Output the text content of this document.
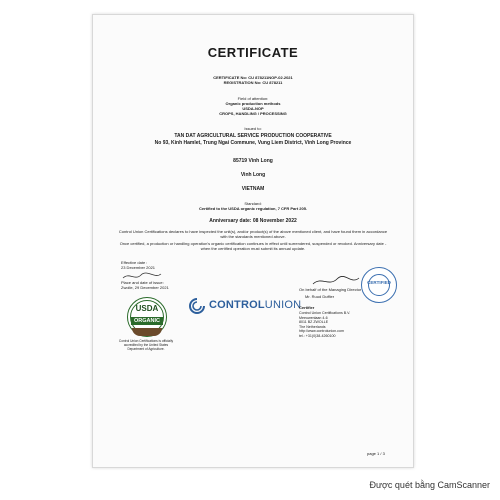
CERTIFICATE
CERTIFICATE No: CU 878211NOP-02.2021
REGISTRATION No: CU 878211
Field of attention:
Organic production methods
USDA-NOP
CROPS, HANDLING / PROCESSING
Issued to:
TAN DAT AGRICULTURAL SERVICE PRODUCTION COOPERATIVE
No 93, Kinh Hamlet, Trung Ngai Commune, Vung Liem District, Vinh Long Province
85719 Vinh Long
Vinh Long
VIETNAM
Standard:
Certified to the USDA organic regulation, 7 CFR Part 205.
Anniversary date: 08 November 2022
Control Union Certifications declares to have inspected the unit(s), and/or product(s) of the above mentioned client, and have found them in accordance with the standards mentioned above.
Once certified, a production or handling operation's organic certification continues in effect until surrendered, suspended or revoked. Anniversary date - when the certified operation must submit its annual update.
Effective date :
23 December 2021
Place and date of issue:
Zwolle, 29 December 2021
USDA
ORGANIC
Control Union Certifications is officially accredited by the United States Department of Agriculture.
CONTROLUNION
On behalf of the Managing Director
Mr. Ruud Duffier
CERTIFIED
Certifier
Control Union Certifications B.V.
Meeuwenlaan 4-6
8011 BZ ZWOLLE
The Netherlands
http://www.controlunion.com
tel.: +31(0)38-4260100
page 1 / 3
Được quét bằng CamScanner
